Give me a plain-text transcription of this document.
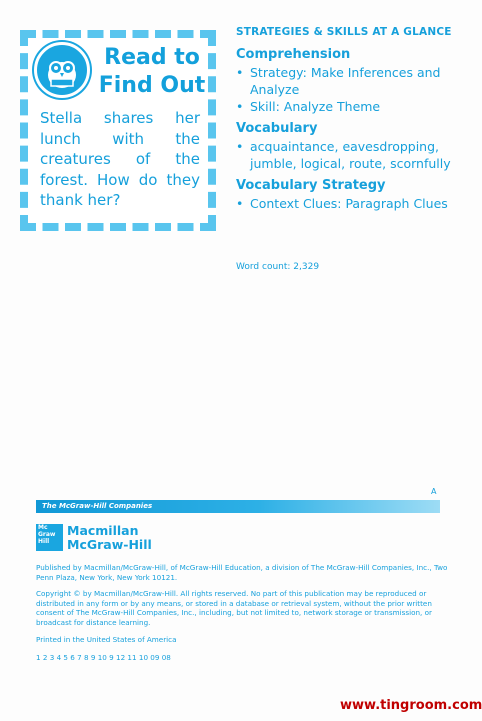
Read to
Find Out
Stella shares her lunch with the creatures of the forest. How do they thank her?
STRATEGIES & SKILLS AT A GLANCE
Comprehension
• Strategy: Make Inferences and Analyze
• Skill: Analyze Theme
Vocabulary
• acquaintance, eavesdropping, jumble, logical, route, scornfully
Vocabulary Strategy
• Context Clues: Paragraph Clues
Word count: 2,329
A
The McGraw-Hill Companies
Mc
Graw
Hill
Macmillan
McGraw-Hill
Published by Macmillan/McGraw-Hill, of McGraw-Hill Education, a division of The McGraw-Hill Companies, Inc., Two Penn Plaza, New York, New York 10121.
Copyright © by Macmillan/McGraw-Hill. All rights reserved. No part of this publication may be reproduced or distributed in any form or by any means, or stored in a database or retrieval system, without the prior written consent of The McGraw-Hill Companies, Inc., including, but not limited to, network storage or transmission, or broadcast for distance learning.
Printed in the United States of America
1 2 3 4 5 6 7 8 9 10 9 12 11 10 09 08
www.tingroom.com
